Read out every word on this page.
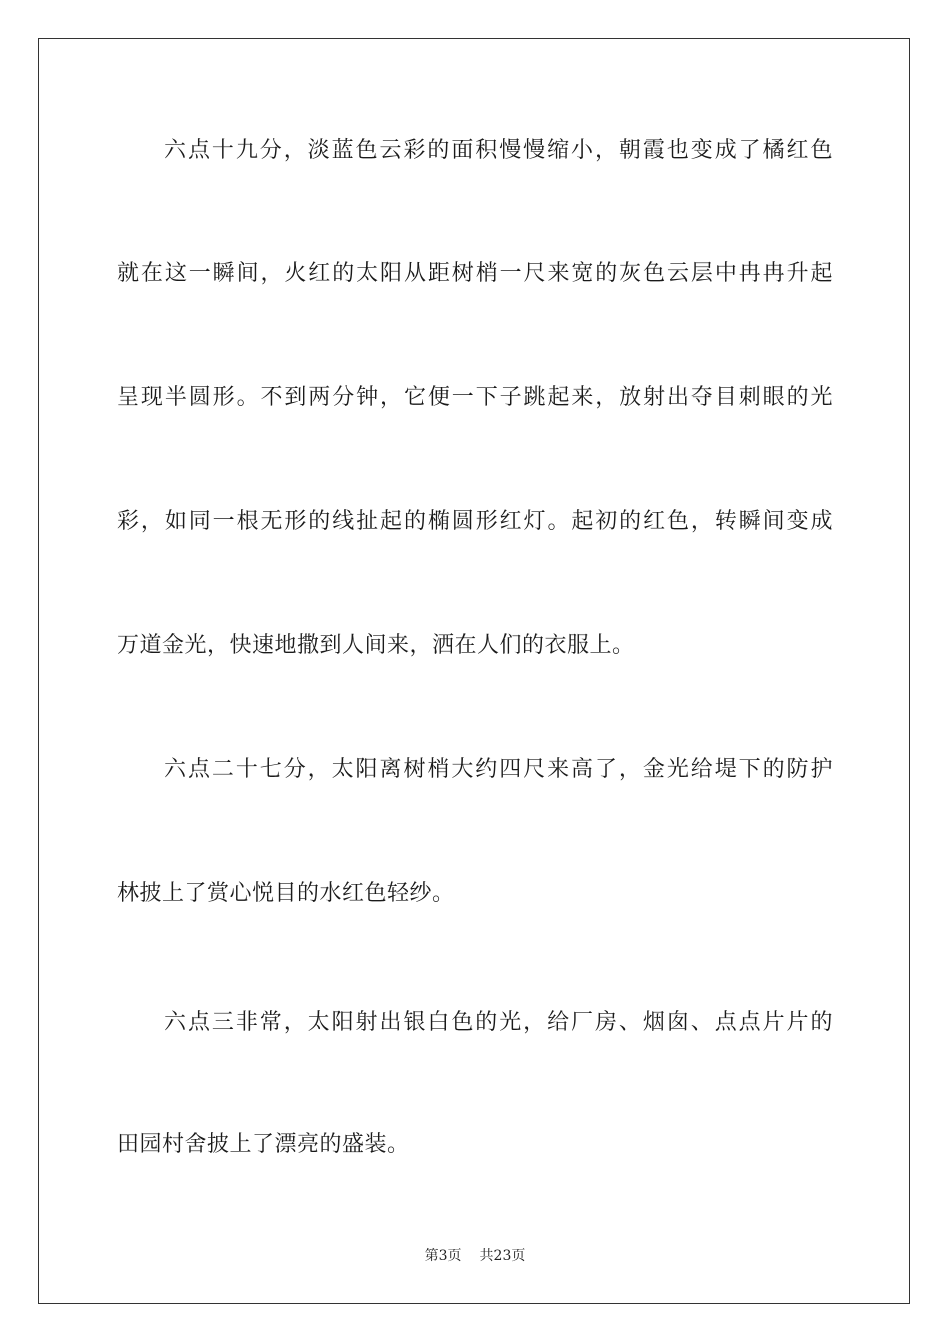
六点十九分，淡蓝色云彩的面积慢慢缩小，朝霞也变成了橘红色
就在这一瞬间，火红的太阳从距树梢一尺来宽的灰色云层中冉冉升起
呈现半圆形。不到两分钟，它便一下子跳起来，放射出夺目刺眼的光
彩，如同一根无形的线扯起的椭圆形红灯。起初的红色，转瞬间变成
万道金光，快速地撒到人间来，洒在人们的衣服上。
六点二十七分，太阳离树梢大约四尺来高了，金光给堤下的防护
林披上了赏心悦目的水红色轻纱。
六点三非常，太阳射出银白色的光，给厂房、烟囱、点点片片的
田园村舍披上了漂亮的盛装。
第3页 共23页
